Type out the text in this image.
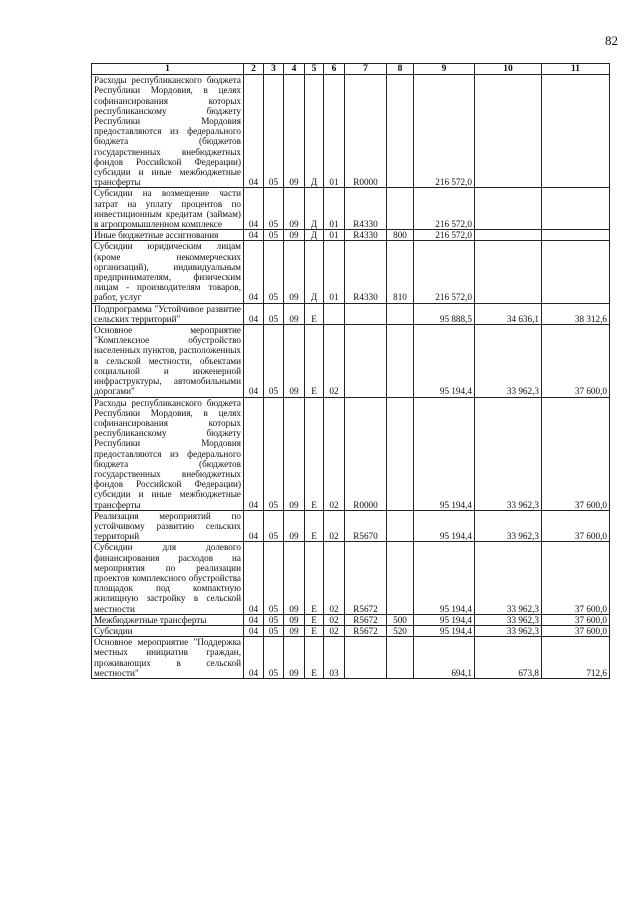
82
1	2	3	4	5	6	7	8	9	10	11
Расходы республиканского бюджета Республики Мордовия, в целях софинансирования которых республиканскому бюджету Республики Мордовия предоставляются из федерального бюджета (бюджетов государственных внебюджетных фондов Российской Федерации) субсидии и иные межбюджетные трансферты	04	05	09	Д	01	R0000		216 572,0		
Субсидии на возмещение части затрат на уплату процентов по инвестиционным кредитам (займам) в агропромышленном комплексе	04	05	09	Д	01	R4330		216 572,0		
Иные бюджетные ассигнования	04	05	09	Д	01	R4330	800	216 572,0		
Субсидии юридическим лицам (кроме некоммерческих организаций), индивидуальным предпринимателям, физическим лицам - производителям товаров, работ, услуг	04	05	09	Д	01	R4330	810	216 572,0		
Подпрограмма "Устойчивое развитие сельских территорий"	04	05	09	Е				95 888,5	34 636,1	38 312,6
Основное мероприятие "Комплексное обустройство населенных пунктов, расположенных в сельской местности, объектами социальной и инженерной инфраструктуры, автомобильными дорогами"	04	05	09	Е	02			95 194,4	33 962,3	37 600,0
Расходы республиканского бюджета Республики Мордовия, в целях софинансирования которых республиканскому бюджету Республики Мордовия предоставляются из федерального бюджета (бюджетов государственных внебюджетных фондов Российской Федерации) субсидии и иные межбюджетные трансферты	04	05	09	Е	02	R0000		95 194,4	33 962,3	37 600,0
Реализация мероприятий по устойчивому развитию сельских территорий	04	05	09	Е	02	R5670		95 194,4	33 962,3	37 600,0
Субсидии для долевого финансирования расходов на мероприятия по реализации проектов комплексного обустройства площадок под компактную жилищную застройку в сельской местности	04	05	09	Е	02	R5672		95 194,4	33 962,3	37 600,0
Межбюджетные трансферты	04	05	09	Е	02	R5672	500	95 194,4	33 962,3	37 600,0
Субсидии	04	05	09	Е	02	R5672	520	95 194,4	33 962,3	37 600,0
Основное мероприятие "Поддержка местных инициатив граждан, проживающих в сельской местности"	04	05	09	Е	03			694,1	673,8	712,6
